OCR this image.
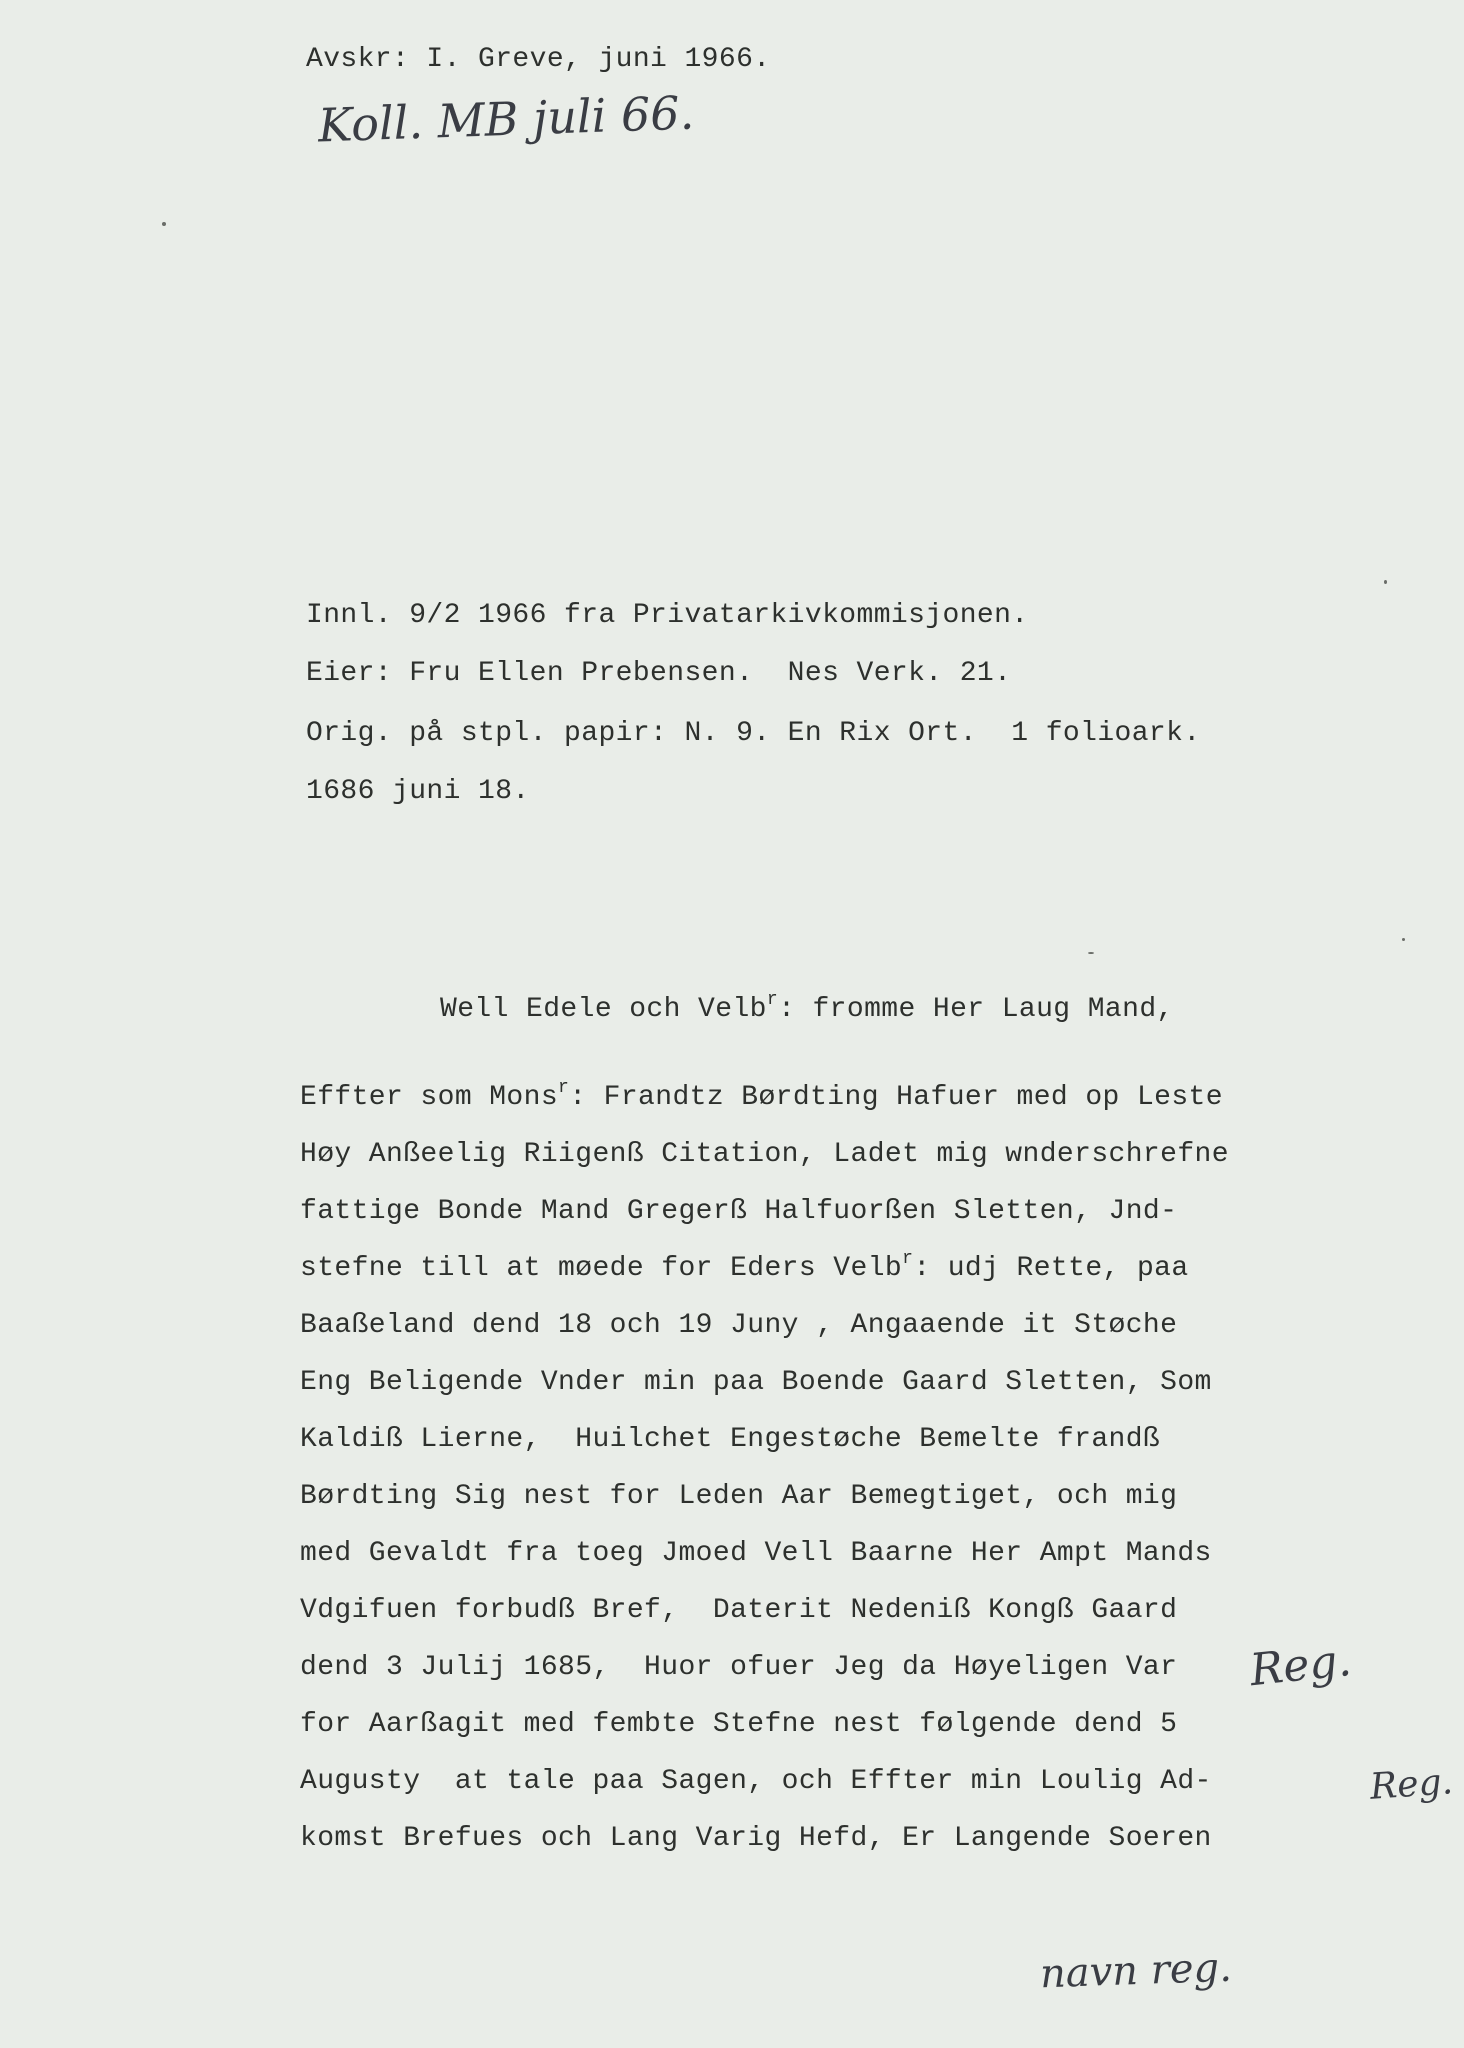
Avskr: I. Greve, juni 1966.
Koll. MB juli 66.
Innl. 9/2 1966 fra Privatarkivkommisjonen.
Eier: Fru Ellen Prebensen.  Nes Verk. 21.
Orig. på stpl. papir: N. 9. En Rix Ort.  1 folioark.
1686 juni 18.
Well Edele och Velb$^r$: fromme Her Laug Mand,
Effter som Mons$^r$: Frandtz Børdting Hafuer med op Leste
Høy Anßeelig Riigenß Citation, Ladet mig wnderschrefne
fattige Bonde Mand Gregerß Halfuorßen Sletten, Jnd-
stefne till at møede for Eders Velb$^r$: udj Rette, paa
Baaßeland dend 18 och 19 Juny , Angaaende it Støche
Eng Beligende Vnder min paa Boende Gaard Sletten, Som
Kaldiß Lierne,  Huilchet Engestøche Bemelte frandß
Børdting Sig nest for Leden Aar Bemegtiget, och mig
med Gevaldt fra toeg Jmoed Vell Baarne Her Ampt Mands
Vdgifuen forbudß Bref,  Daterit Nedeniß Kongß Gaard
dend 3 Julij 1685,  Huor ofuer Jeg da Høyeligen Var
for Aarßagit med fembte Stefne nest følgende dend 5
Augusty  at tale paa Sagen, och Effter min Loulig Ad-
komst Brefues och Lang Varig Hefd, Er Langende Soeren
Reg.
Reg.
navn reg.
